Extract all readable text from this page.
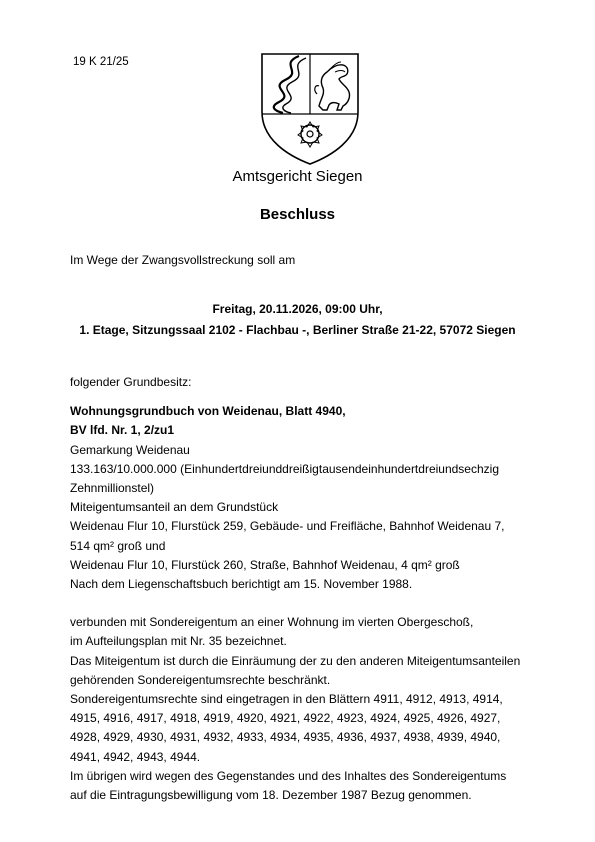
19 K 21/25
Amtsgericht Siegen
Beschluss
Im Wege der Zwangsvollstreckung soll am
Freitag, 20.11.2026, 09:00 Uhr,
1. Etage, Sitzungssaal 2102 - Flachbau -, Berliner Straße 21-22, 57072 Siegen
folgender Grundbesitz:
Wohnungsgrundbuch von Weidenau, Blatt 4940,
BV lfd. Nr. 1, 2/zu1
Gemarkung Weidenau
133.163/10.000.000 (Einhundertdreiunddreißigtausendeinhundertdreiundsechzig
Zehnmillionstel)
Miteigentumsanteil an dem Grundstück
Weidenau Flur 10, Flurstück 259, Gebäude- und Freifläche, Bahnhof Weidenau 7,
514 qm² groß und
Weidenau Flur 10, Flurstück 260, Straße, Bahnhof Weidenau, 4 qm² groß
Nach dem Liegenschaftsbuch berichtigt am 15. November 1988.
verbunden mit Sondereigentum an einer Wohnung im vierten Obergeschoß,
im Aufteilungsplan mit Nr. 35 bezeichnet.
Das Miteigentum ist durch die Einräumung der zu den anderen Miteigentumsanteilen
gehörenden Sondereigentumsrechte beschränkt.
Sondereigentumsrechte sind eingetragen in den Blättern 4911, 4912, 4913, 4914,
4915, 4916, 4917, 4918, 4919, 4920, 4921, 4922, 4923, 4924, 4925, 4926, 4927,
4928, 4929, 4930, 4931, 4932, 4933, 4934, 4935, 4936, 4937, 4938, 4939, 4940,
4941, 4942, 4943, 4944.
Im übrigen wird wegen des Gegenstandes und des Inhaltes des Sondereigentums
auf die Eintragungsbewilligung vom 18. Dezember 1987 Bezug genommen.
